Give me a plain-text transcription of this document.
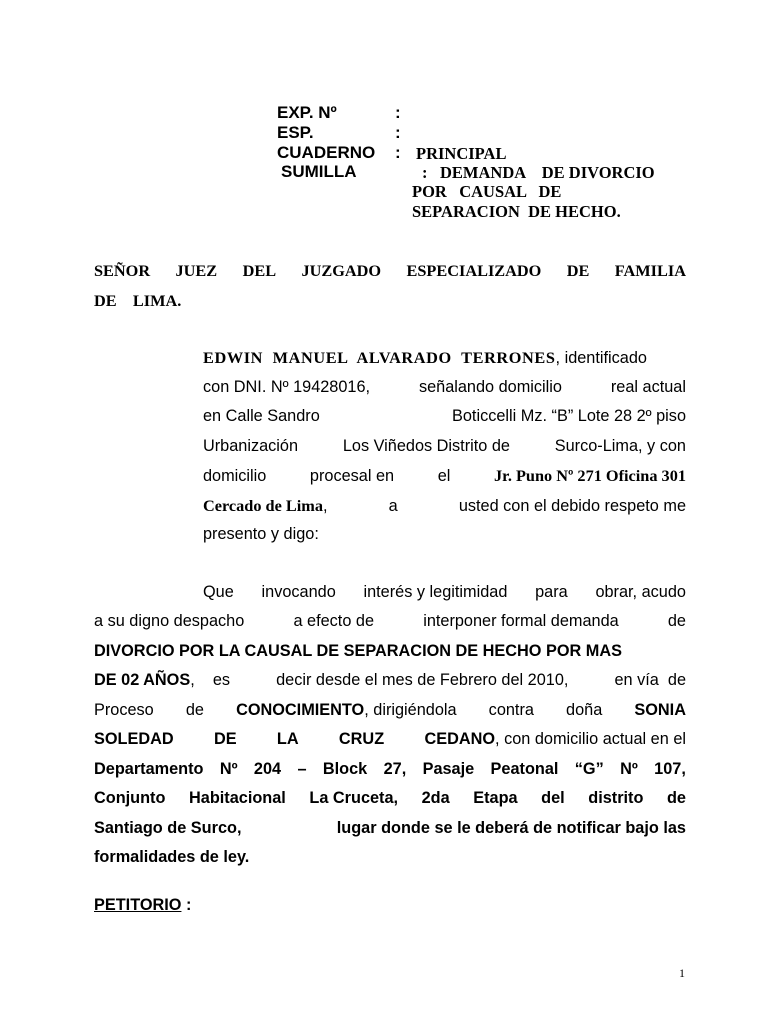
EXP. Nº	:
ESP.	:
CUADERNO : PRINCIPAL
SUMILLA	: DEMANDA    DE DIVORCIO
POR   CAUSAL   DE
SEPARACION  DE HECHO.
SEÑOR JUEZ DEL JUZGADO ESPECIALIZADO DE FAMILIA
DE    LIMA.
EDWIN MANUEL ALVARADO TERRONES, identificado
con DNI. Nº 19428016,	señalando domicilio	real actual
en Calle Sandro	Boticcelli Mz. “B” Lote 28 2º piso
Urbanización	Los Viñedos Distrito de	Surco-Lima, y con
domicilio	procesal en	el	Jr. Puno Nº 271 Oficina 301
Cercado de Lima,	a	usted con el debido respeto me
presento y digo:
Que invocando interés y legitimidad para obrar, acudo
a su digno despacho	a efecto de	interponer formal demanda	de
DIVORCIO POR LA CAUSAL DE SEPARACION DE HECHO POR MAS
DE 02 AÑOS,    es	decir desde el mes de Febrero del 2010,	en vía  de
Proceso de CONOCIMIENTO, dirigiéndola contra doña SONIA
SOLEDAD DE LA CRUZ CEDANO, con domicilio actual en el
Departamento Nº 204 – Block 27, Pasaje Peatonal “G” Nº 107,
Conjunto Habitacional La Cruceta, 2da Etapa del distrito de
Santiago de Surco,	lugar donde se le deberá de notificar bajo las
formalidades de ley.
PETITORIO :
1
